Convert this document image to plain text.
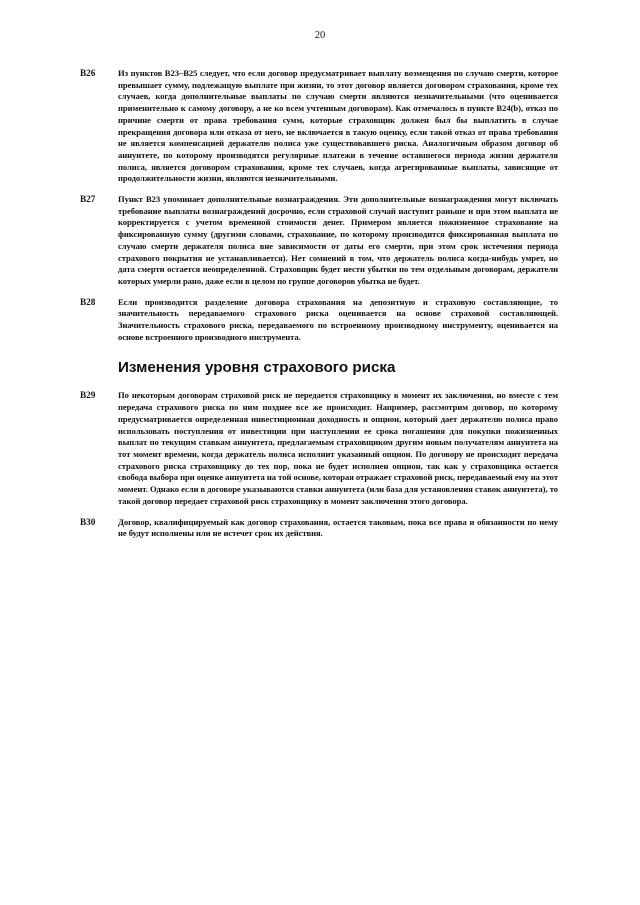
20
B26	Из пунктов B23–B25 следует, что если договор предусматривает выплату возмещения по случаю смерти, которое превышает сумму, подлежащую выплате при жизни, то этот договор является договором страхования, кроме тех случаев, когда дополнительные выплаты по случаю смерти являются незначительными (что оценивается применительно к самому договору, а не ко всем учтенным договорам). Как отмечалось в пункте B24(b), отказ по причине смерти от права требования сумм, которые страховщик должен был бы выплатить в случае прекращения договора или отказа от него, не включается в такую оценку, если такой отказ от права требования не является компенсацией держателю полиса уже существовавшего риска. Аналогичным образом договор об аннуитете, по которому производятся регулярные платежи в течение оставшегося периода жизни держателя полиса, является договором страхования, кроме тех случаев, когда агрегированные выплаты, зависящие от продолжительности жизни, являются незначительными.
B27	Пункт B23 упоминает дополнительные вознаграждения. Эти дополнительные вознаграждения могут включать требование выплаты вознаграждений досрочно, если страховой случай наступит раньше и при этом выплата не корректируется с учетом временной стоимости денег. Примером является пожизненное страхование на фиксированную сумму (другими словами, страхование, по которому производится фиксированная выплата по случаю смерти держателя полиса вне зависимости от даты его смерти, при этом срок истечения периода страхового покрытия не устанавливается). Нет сомнений в том, что держатель полиса когда-нибудь умрет, но дата смерти остается неопределенной. Страховщик будет нести убытки по тем отдельным договорам, держатели которых умерли рано, даже если в целом по группе договоров убытка не будет.
B28	Если производится разделение договора страхования на депозитную и страховую составляющие, то значительность передаваемого страхового риска оценивается на основе страховой составляющей. Значительность страхового риска, передаваемого по встроенному производному инструменту, оценивается на основе встроенного производного инструмента.
Изменения уровня страхового риска
B29	По некоторым договорам страховой риск не передается страховщику в момент их заключения, но вместе с тем передача страхового риска по ним позднее все же происходит. Например, рассмотрим договор, по которому предусматривается определенная инвестиционная доходность и опцион, который дает держателю полиса право использовать поступления от инвестиции при наступлении ее срока погашения для покупки пожизненных выплат по текущим ставкам аннуитета, предлагаемым страховщиком другим новым получателям аннуитета на тот момент времени, когда держатель полиса исполнит указанный опцион. По договору не происходит передача страхового риска страховщику до тех пор, пока не будет исполнен опцион, так как у страховщика остается свобода выбора при оценке аннуитета на той основе, которая отражает страховой риск, передаваемый ему на этот момент. Однако если в договоре указываются ставки аннуитета (или база для установления ставок аннуитета), то такой договор передает страховой риск страховщику в момент заключения этого договора.
B30	Договор, квалифицируемый как договор страхования, остается таковым, пока все права и обязанности по нему не будут исполнены или не истечет срок их действия.
